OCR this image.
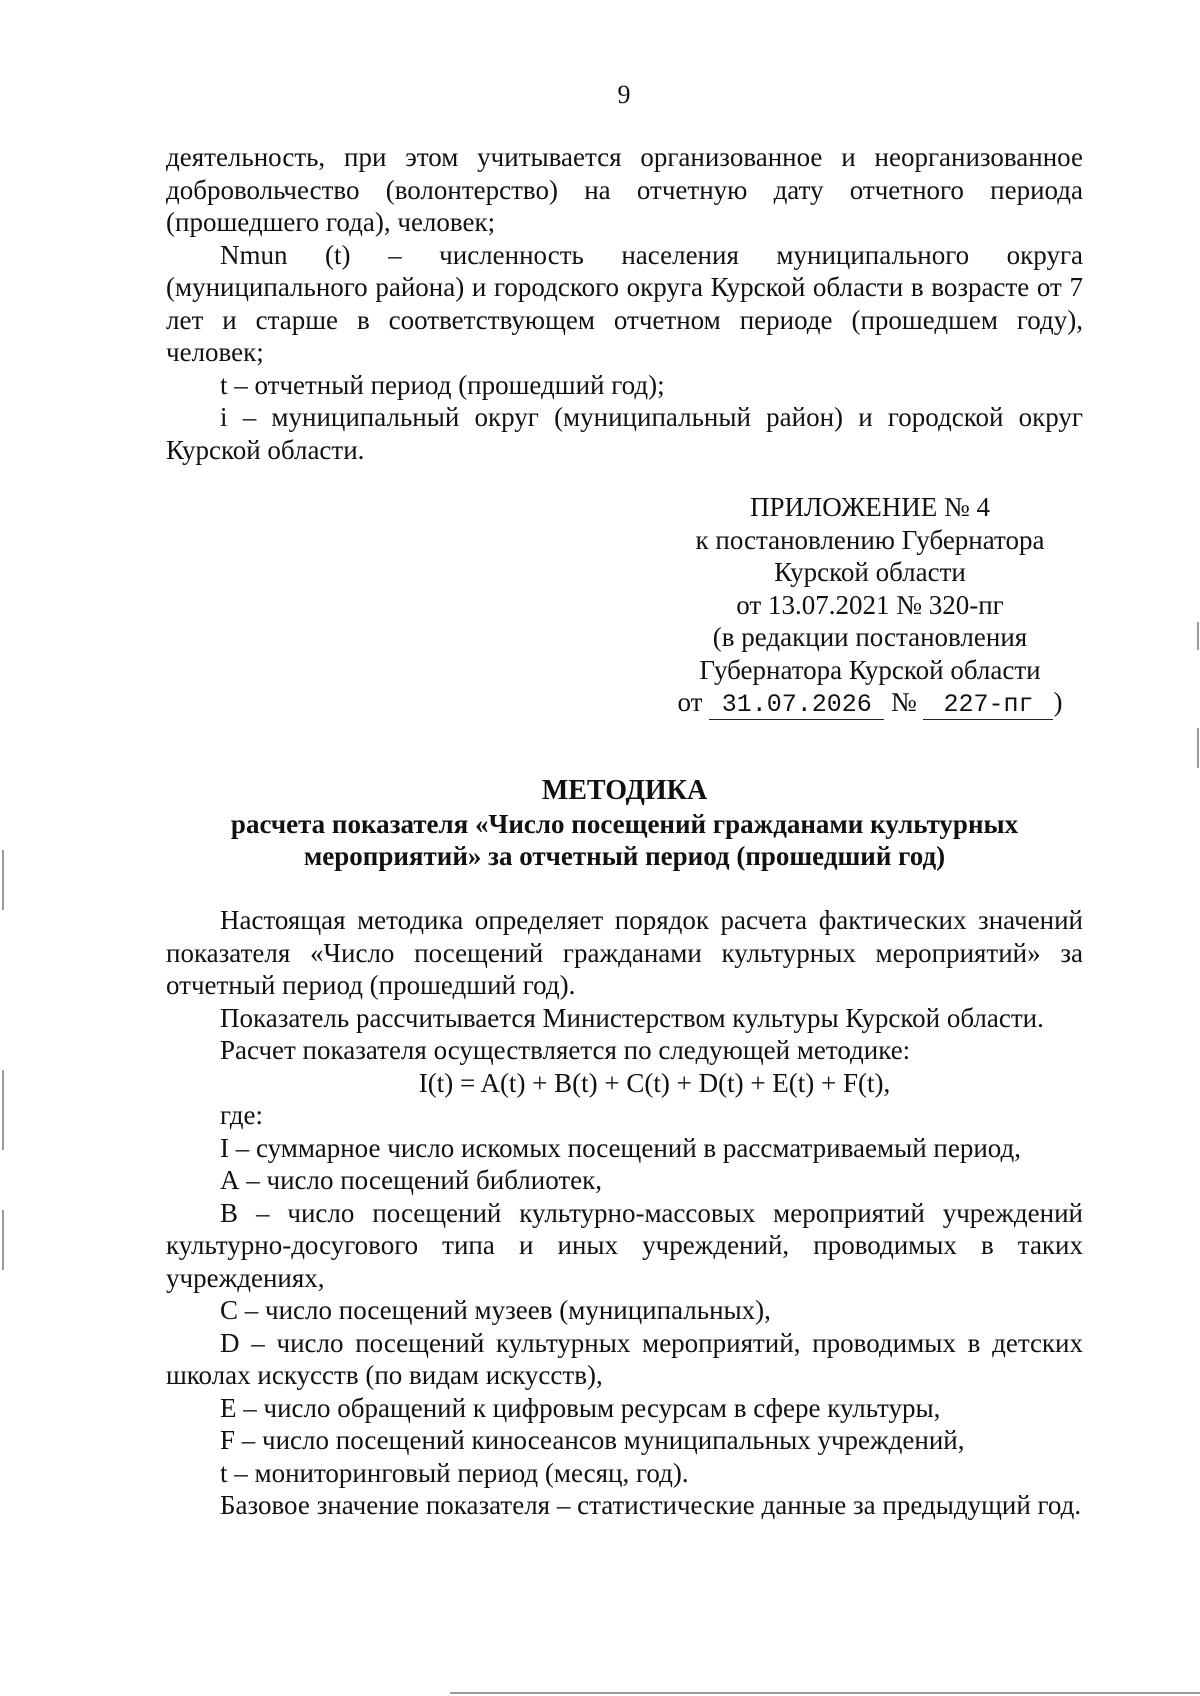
9

деятельность, при этом учитывается организованное и неорганизованное добровольчество (волонтерство) на отчетную дату отчетного периода (прошедшего года), человек;

Nmun (t) – численность населения муниципального округа (муниципального района) и городского округа Курской области в возрасте от 7 лет и старше в соответствующем отчетном периоде (прошедшем году), человек;

t – отчетный период (прошедший год);

i – муниципальный округ (муниципальный район) и городской округ Курской области.

ПРИЛОЖЕНИЕ № 4
к постановлению Губернатора
Курской области
от 13.07.2021 № 320-пг
(в редакции постановления
Губернатора Курской области
от 31.07.2026 № 227-пг )
МЕТОДИКА
расчета показателя «Число посещений гражданами культурных
мероприятий» за отчетный период (прошедший год)

Настоящая методика определяет порядок расчета фактических значений показателя «Число посещений гражданами культурных мероприятий» за отчетный период (прошедший год).

Показатель рассчитывается Министерством культуры Курской области.

Расчет показателя осуществляется по следующей методике:

I(t) = A(t) + B(t) + C(t) + D(t) + E(t) + F(t),

где:

I – суммарное число искомых посещений в рассматриваемый период,

А – число посещений библиотек,

В – число посещений культурно-массовых мероприятий учреждений культурно-досугового типа и иных учреждений, проводимых в таких учреждениях,

С – число посещений музеев (муниципальных),

D – число посещений культурных мероприятий, проводимых в детских школах искусств (по видам искусств),

Е – число обращений к цифровым ресурсам в сфере культуры,

F – число посещений киносеансов муниципальных учреждений,

t – мониторинговый период (месяц, год).

Базовое значение показателя – статистические данные за предыдущий год.
